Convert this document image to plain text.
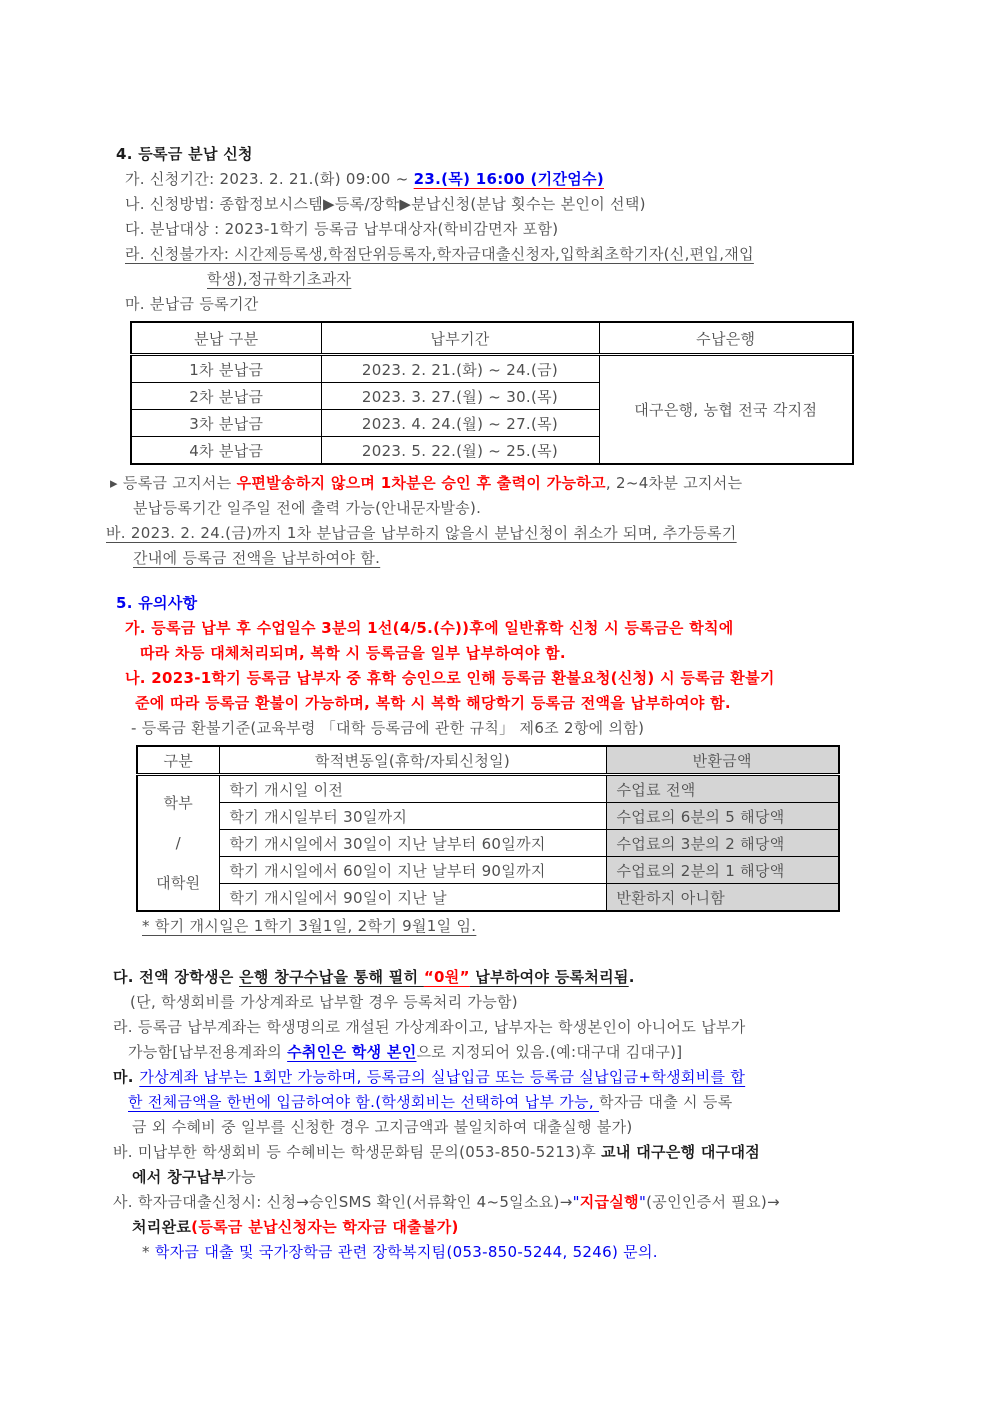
4. 등록금 분납 신청
가. 신청기간: 2023. 2. 21.(화) 09:00 ~ 23.(목) 16:00 (기간엄수)
나. 신청방법: 종합정보시스템▶등록/장학▶분납신청(분납 횟수는 본인이 선택)
다. 분납대상 : 2023-1학기 등록금 납부대상자(학비감면자 포함)
라. 신청불가자: 시간제등록생,학점단위등록자,학자금대출신청자,입학최초학기자(신,편입,재입
학생),정규학기초과자
마. 분납금 등록기간
분납 구분	납부기간	수납은행
1차 분납금	2023. 2. 21.(화) ~ 24.(금)	대구은행, 농협 전국 각지점
2차 분납금	2023. 3. 27.(월) ~ 30.(목)	
3차 분납금	2023. 4. 24.(월) ~ 27.(목)	
4차 분납금	2023. 5. 22.(월) ~ 25.(목)	
▸ 등록금 고지서는 우편발송하지 않으며 1차분은 승인 후 출력이 가능하고, 2~4차분 고지서는
분납등록기간 일주일 전에 출력 가능(안내문자발송).
바. 2023. 2. 24.(금)까지 1차 분납금을 납부하지 않을시 분납신청이 취소가 되며, 추가등록기
간내에 등록금 전액을 납부하여야 함.
5. 유의사항
가. 등록금 납부 후 수업일수 3분의 1선(4/5.(수))후에 일반휴학 신청 시 등록금은 학칙에
따라 차등 대체처리되며, 복학 시 등록금을 일부 납부하여야 함.
나. 2023-1학기 등록금 납부자 중 휴학 승인으로 인해 등록금 환불요청(신청) 시 등록금 환불기
준에 따라 등록금 환불이 가능하며, 복학 시 복학 해당학기 등록금 전액을 납부하여야 함.
- 등록금 환불기준(교육부령 「대학 등록금에 관한 규칙」 제6조 2항에 의함)
구분	학적변동일(휴학/자퇴신청일)	반환금액

학부
/
대학원	학기 개시일 이전	수업료 전액
	학기 개시일부터 30일까지	수업료의 6분의 5 해당액
	학기 개시일에서 30일이 지난 날부터 60일까지	수업료의 3분의 2 해당액
	학기 개시일에서 60일이 지난 날부터 90일까지	수업료의 2분의 1 해당액
	학기 개시일에서 90일이 지난 날	반환하지 아니함
* 학기 개시일은 1학기 3월1일, 2학기 9월1일 임.
다. 전액 장학생은 은행 창구수납을 통해 필히 “0원” 납부하여야 등록처리됨.
(단, 학생회비를 가상계좌로 납부할 경우 등록처리 가능함)
라. 등록금 납부계좌는 학생명의로 개설된 가상계좌이고, 납부자는 학생본인이 아니어도 납부가
가능함[납부전용계좌의 수취인은 학생 본인으로 지정되어 있음.(예:대구대 김대구)]
마. 가상계좌 납부는 1회만 가능하며, 등록금의 실납입금 또는 등록금 실납입금+학생회비를 합
한 전체금액을 한번에 입금하여야 함.(학생회비는 선택하여 납부 가능, 학자금 대출 시 등록
금 외 수혜비 중 일부를 신청한 경우 고지금액과 불일치하여 대출실행 불가)
바. 미납부한 학생회비 등 수혜비는 학생문화팀 문의(053-850-5213)후 교내 대구은행 대구대점
에서 창구납부가능
사. 학자금대출신청시: 신청→승인SMS 확인(서류확인 4~5일소요)→"지급실행"(공인인증서 필요)→
처리완료(등록금 분납신청자는 학자금 대출불가)
* 학자금 대출 및 국가장학금 관련 장학복지팀(053-850-5244, 5246) 문의.
